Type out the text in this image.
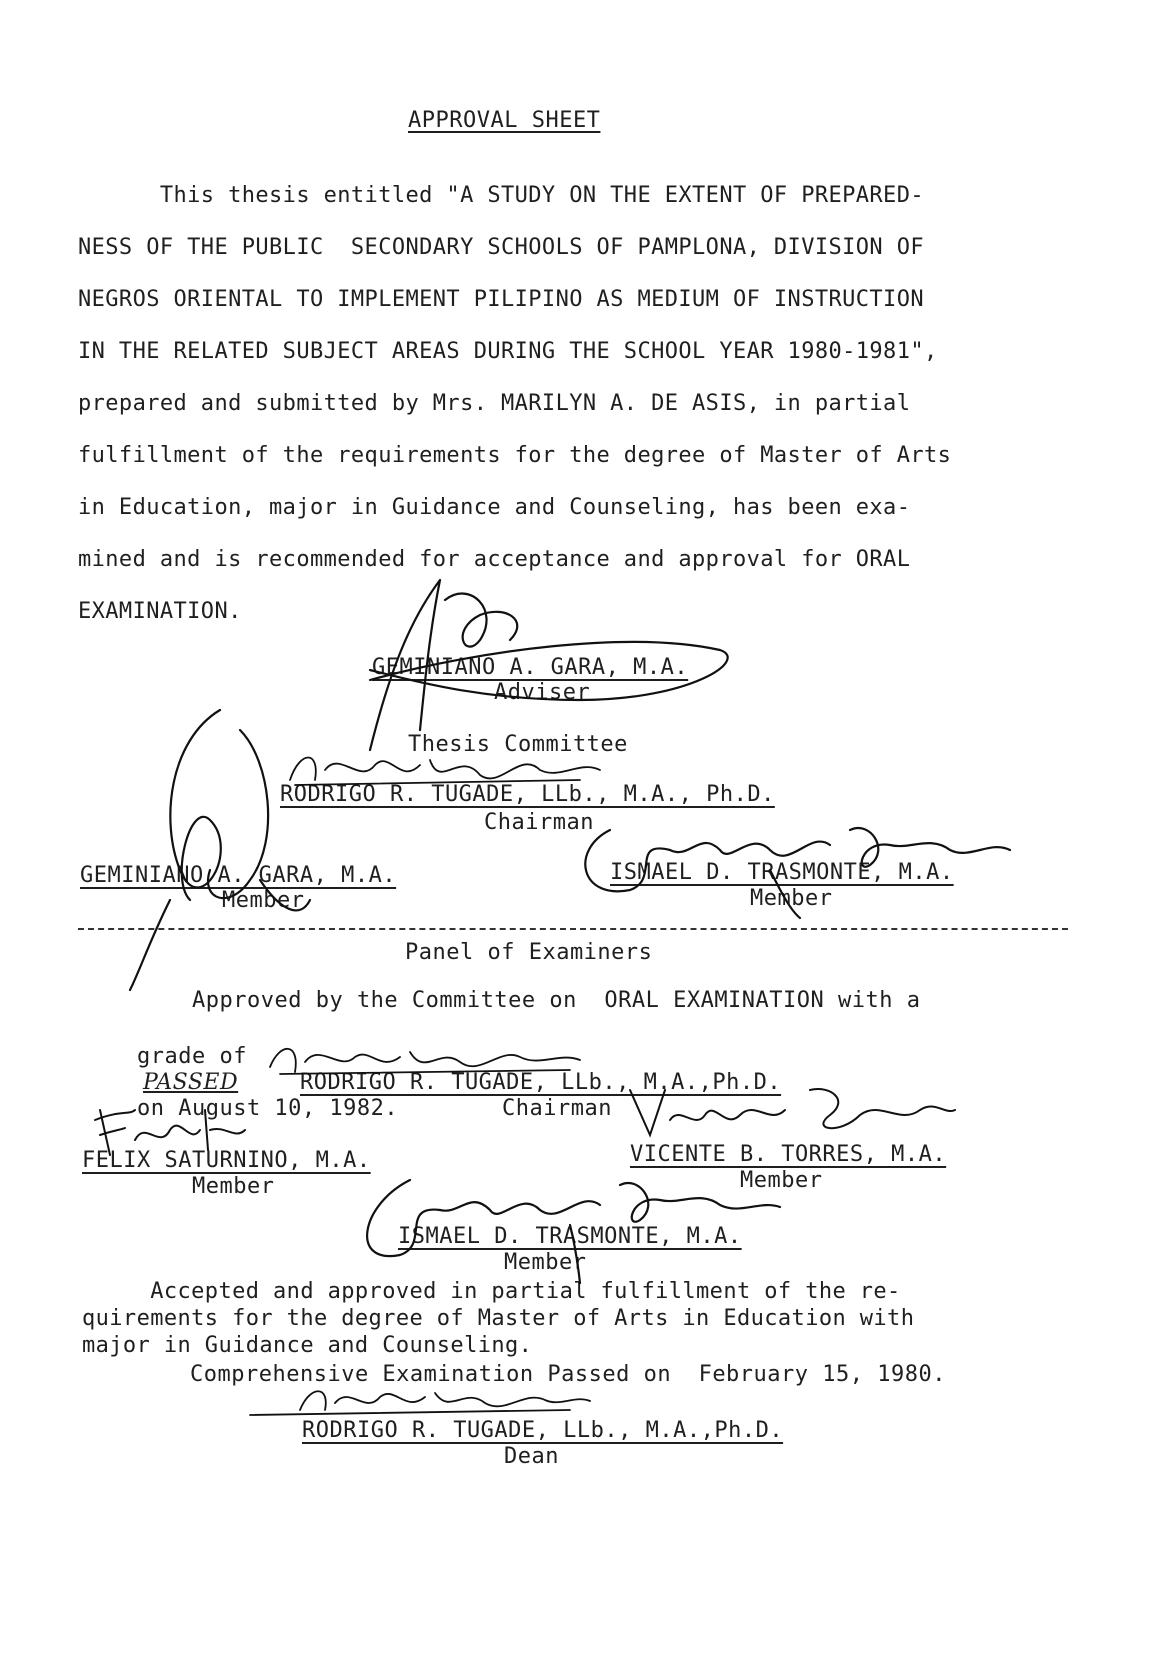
APPROVAL SHEET
This thesis entitled "A STUDY ON THE EXTENT OF PREPARED-
NESS OF THE PUBLIC  SECONDARY SCHOOLS OF PAMPLONA, DIVISION OF
NEGROS ORIENTAL TO IMPLEMENT PILIPINO AS MEDIUM OF INSTRUCTION
IN THE RELATED SUBJECT AREAS DURING THE SCHOOL YEAR 1980-1981",
prepared and submitted by Mrs. MARILYN A. DE ASIS, in partial
fulfillment of the requirements for the degree of Master of Arts
in Education, major in Guidance and Counseling, has been exa-
mined and is recommended for acceptance and approval for ORAL
EXAMINATION.
GEMINIANO A. GARA, M.A.
Adviser
Thesis Committee
RODRIGO R. TUGADE, LLb., M.A., Ph.D.
Chairman
GEMINIANO A. GARA, M.A.
Member
ISMAEL D. TRASMONTE, M.A.
Member
Panel of Examiners
Approved by the Committee on  ORAL EXAMINATION with a

grade of
PASSED
on August 10, 1982.

RODRIGO R. TUGADE, LLb., M.A.,Ph.D.
Chairman
FELIX SATURNINO, M.A.
Member
VICENTE B. TORRES, M.A.
Member
ISMAEL D. TRASMONTE, M.A.
Member
Accepted and approved in partial fulfillment of the re-
quirements for the degree of Master of Arts in Education with
major in Guidance and Counseling.
Comprehensive Examination Passed on  February 15, 1980.
RODRIGO R. TUGADE, LLb., M.A.,Ph.D.
Dean
